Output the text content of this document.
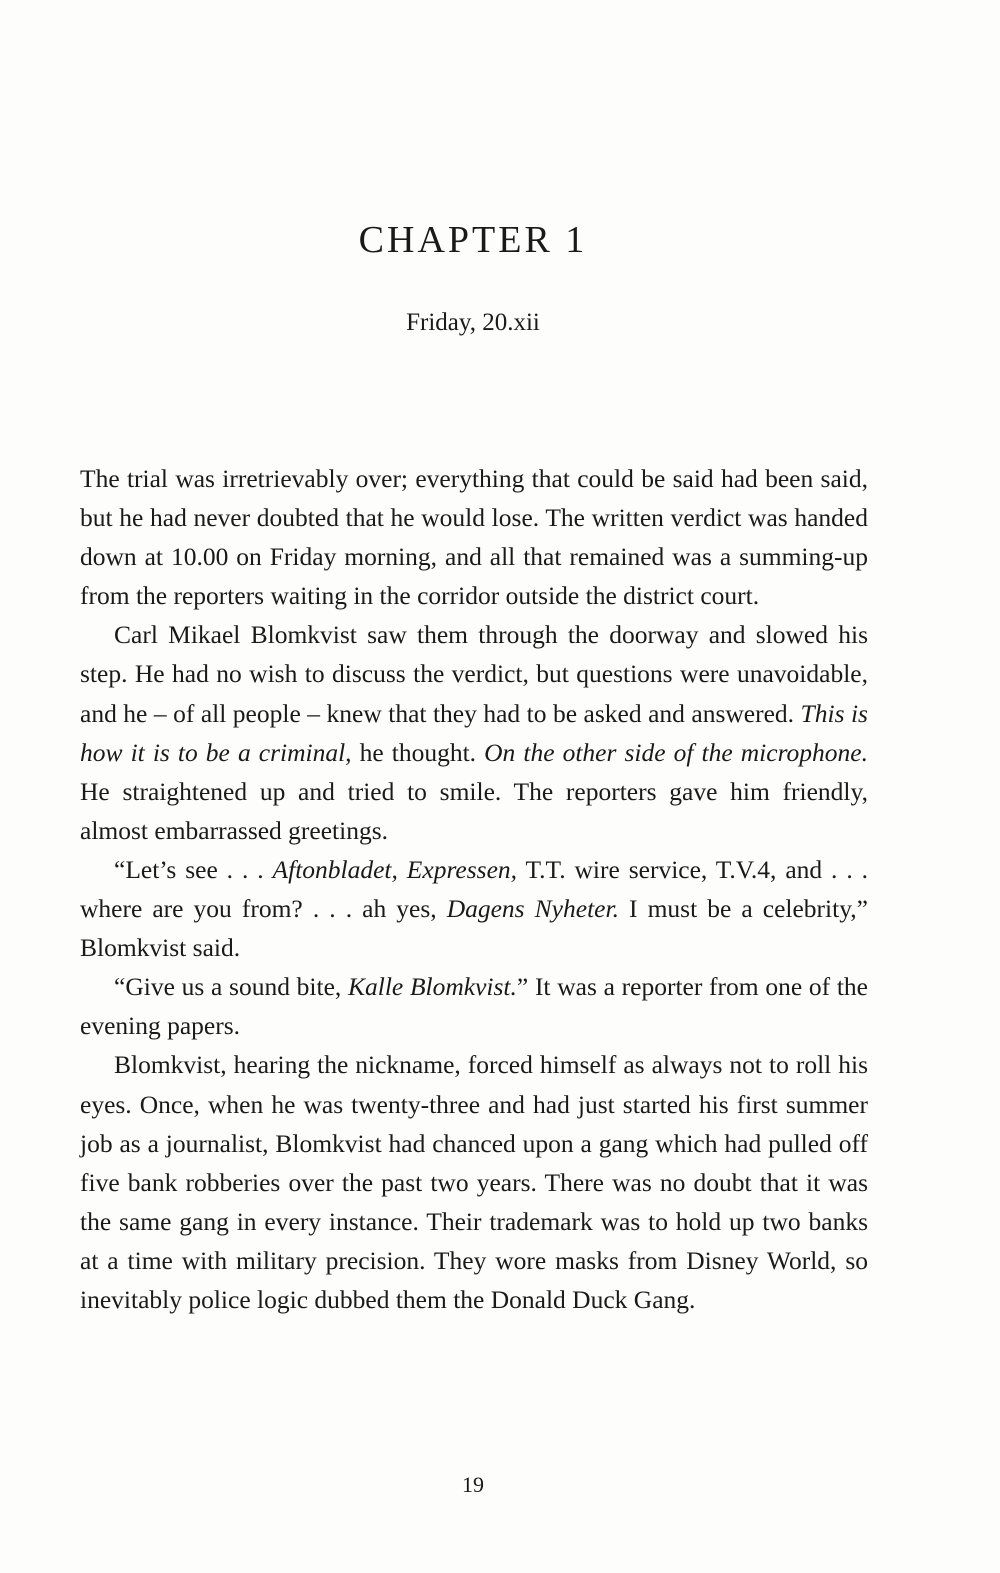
CHAPTER 1
Friday, 20.xii

The trial was irretrievably over; everything that could be said had been said, but he had never doubted that he would lose. The written verdict was handed down at 10.00 on Friday morning, and all that remained was a summing-up from the reporters waiting in the corridor outside the district court.

Carl Mikael Blomkvist saw them through the doorway and slowed his step. He had no wish to discuss the verdict, but questions were unavoidable, and he – of all people – knew that they had to be asked and answered. This is how it is to be a criminal, he thought. On the other side of the microphone. He straightened up and tried to smile. The reporters gave him friendly, almost embarrassed greetings.

“Let’s see . . . Aftonbladet, Expressen, T.T. wire service, T.V.4, and . . . where are you from? . . . ah yes, Dagens Nyheter. I must be a celebrity,” Blomkvist said.

“Give us a sound bite, Kalle Blomkvist.” It was a reporter from one of the evening papers.

Blomkvist, hearing the nickname, forced himself as always not to roll his eyes. Once, when he was twenty-three and had just started his first summer job as a journalist, Blomkvist had chanced upon a gang which had pulled off five bank robberies over the past two years. There was no doubt that it was the same gang in every instance. Their trademark was to hold up two banks at a time with military precision. They wore masks from Disney World, so inevitably police logic dubbed them the Donald Duck Gang.

19
